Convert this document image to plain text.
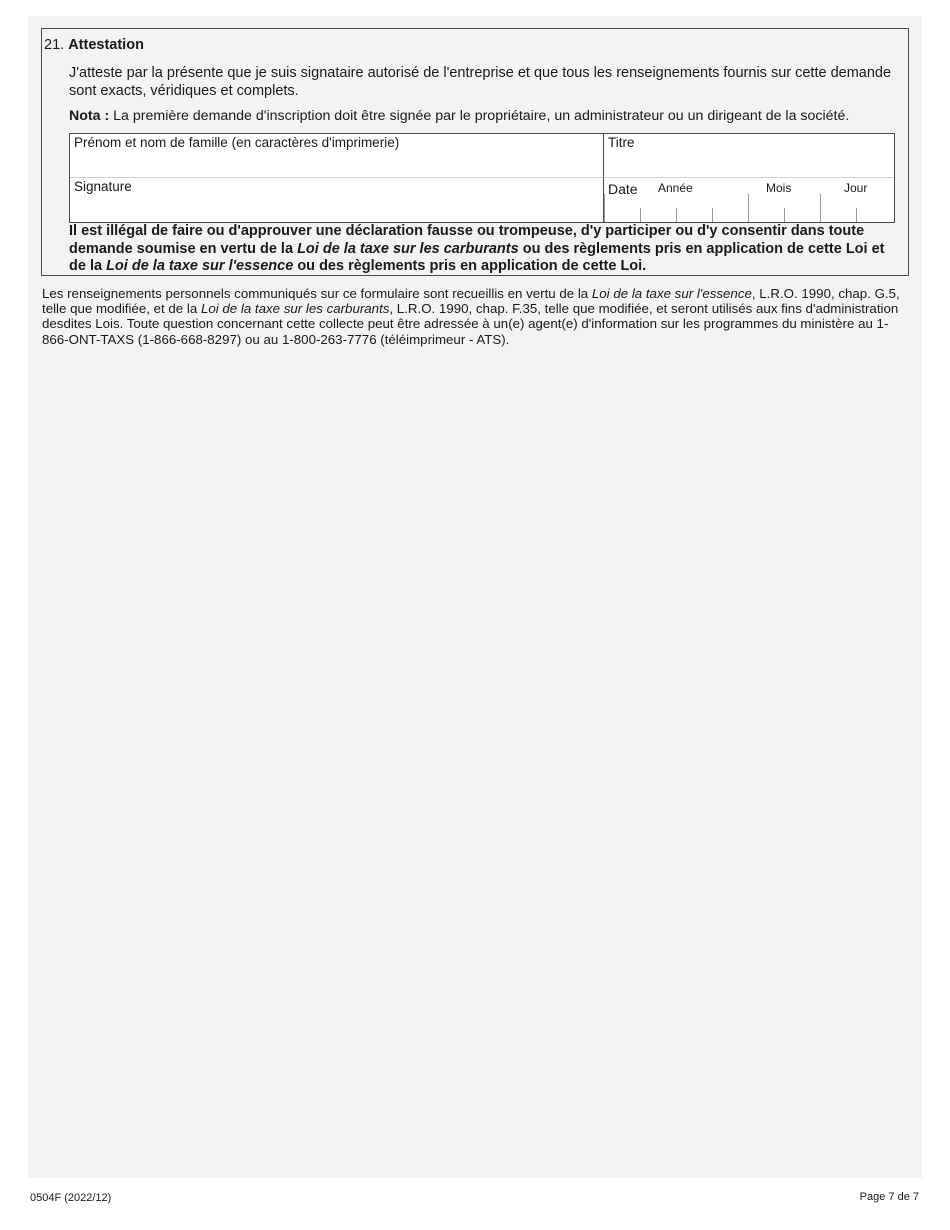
21. Attestation
J'atteste par la présente que je suis signataire autorisé de l'entreprise et que tous les renseignements fournis sur cette demande sont exacts, véridiques et complets.
Nota : La première demande d'inscription doit être signée par le propriétaire, un administrateur ou un dirigeant de la société.
Prénom et nom de famille (en caractères d'imprimerie)	Titre
Signature	Date Année	Mois	Jour
Il est illégal de faire ou d'approuver une déclaration fausse ou trompeuse, d'y participer ou d'y consentir dans toute demande soumise en vertu de la Loi de la taxe sur les carburants ou des règlements pris en application de cette Loi et de la Loi de la taxe sur l'essence ou des règlements pris en application de cette Loi.
Les renseignements personnels communiqués sur ce formulaire sont recueillis en vertu de la Loi de la taxe sur l'essence, L.R.O. 1990, chap. G.5, telle que modifiée, et de la Loi de la taxe sur les carburants, L.R.O. 1990, chap. F.35, telle que modifiée, et seront utilisés aux fins d'administration desdites Lois. Toute question concernant cette collecte peut être adressée à un(e) agent(e) d'information sur les programmes du ministère au 1-866-ONT-TAXS (1-866-668-8297) ou au 1-800-263-7776 (téléimprimeur - ATS).
0504F (2022/12)	Page 7 de 7
